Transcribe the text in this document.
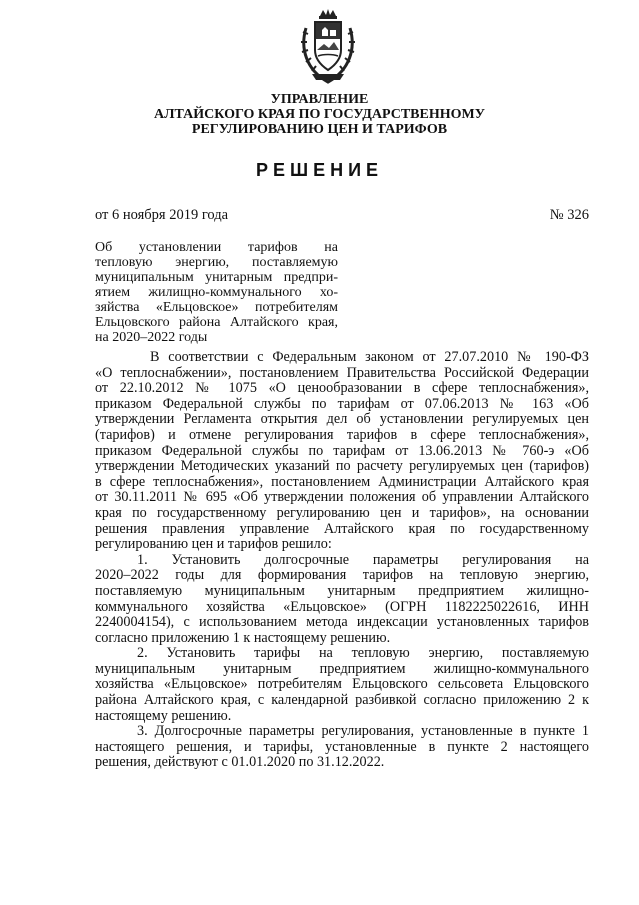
УПРАВЛЕНИЕ
АЛТАЙСКОГО КРАЯ ПО ГОСУДАРСТВЕННОМУ
РЕГУЛИРОВАНИЮ ЦЕН И ТАРИФОВ
РЕШЕНИЕ
от 6 ноября 2019 года	№ 326
Об установлении тарифов на
тепловую энергию, поставляемую
муниципальным унитарным предпри-
ятием жилищно-коммунального хо-
зяйства «Ельцовское» потребителям
Ельцовского района Алтайского края,
на 2020–2022 годы

В соответствии с Федеральным законом от 27.07.2010 № 190-ФЗ
«О теплоснабжении», постановлением Правительства Российской Федерации
от 22.10.2012 № 1075 «О ценообразовании в сфере теплоснабжения»,
приказом Федеральной службы по тарифам от 07.06.2013 № 163 «Об
утверждении Регламента открытия дел об установлении регулируемых цен
(тарифов) и отмене регулирования тарифов в сфере теплоснабжения»,
приказом Федеральной службы по тарифам от 13.06.2013 № 760-э «Об
утверждении Методических указаний по расчету регулируемых цен (тарифов)
в сфере теплоснабжения», постановлением Администрации Алтайского края
от 30.11.2011 № 695 «Об утверждении положения об управлении Алтайского
края по государственному регулированию цен и тарифов», на основании
решения правления управление Алтайского края по государственному
регулированию цен и тарифов решило:

1. Установить долгосрочные параметры регулирования на
2020–2022 годы для формирования тарифов на тепловую энергию,
поставляемую муниципальным унитарным предприятием жилищно-
коммунального хозяйства «Ельцовское» (ОГРН 1182225022616, ИНН
2240004154), с использованием метода индексации установленных тарифов
согласно приложению 1 к настоящему решению.

2. Установить тарифы на тепловую энергию, поставляемую
муниципальным унитарным предприятием жилищно-коммунального
хозяйства «Ельцовское» потребителям Ельцовского сельсовета Ельцовского
района Алтайского края, с календарной разбивкой согласно приложению 2 к
настоящему решению.

3. Долгосрочные параметры регулирования, установленные в пункте 1
настоящего решения, и тарифы, установленные в пункте 2 настоящего
решения, действуют с 01.01.2020 по 31.12.2022.
